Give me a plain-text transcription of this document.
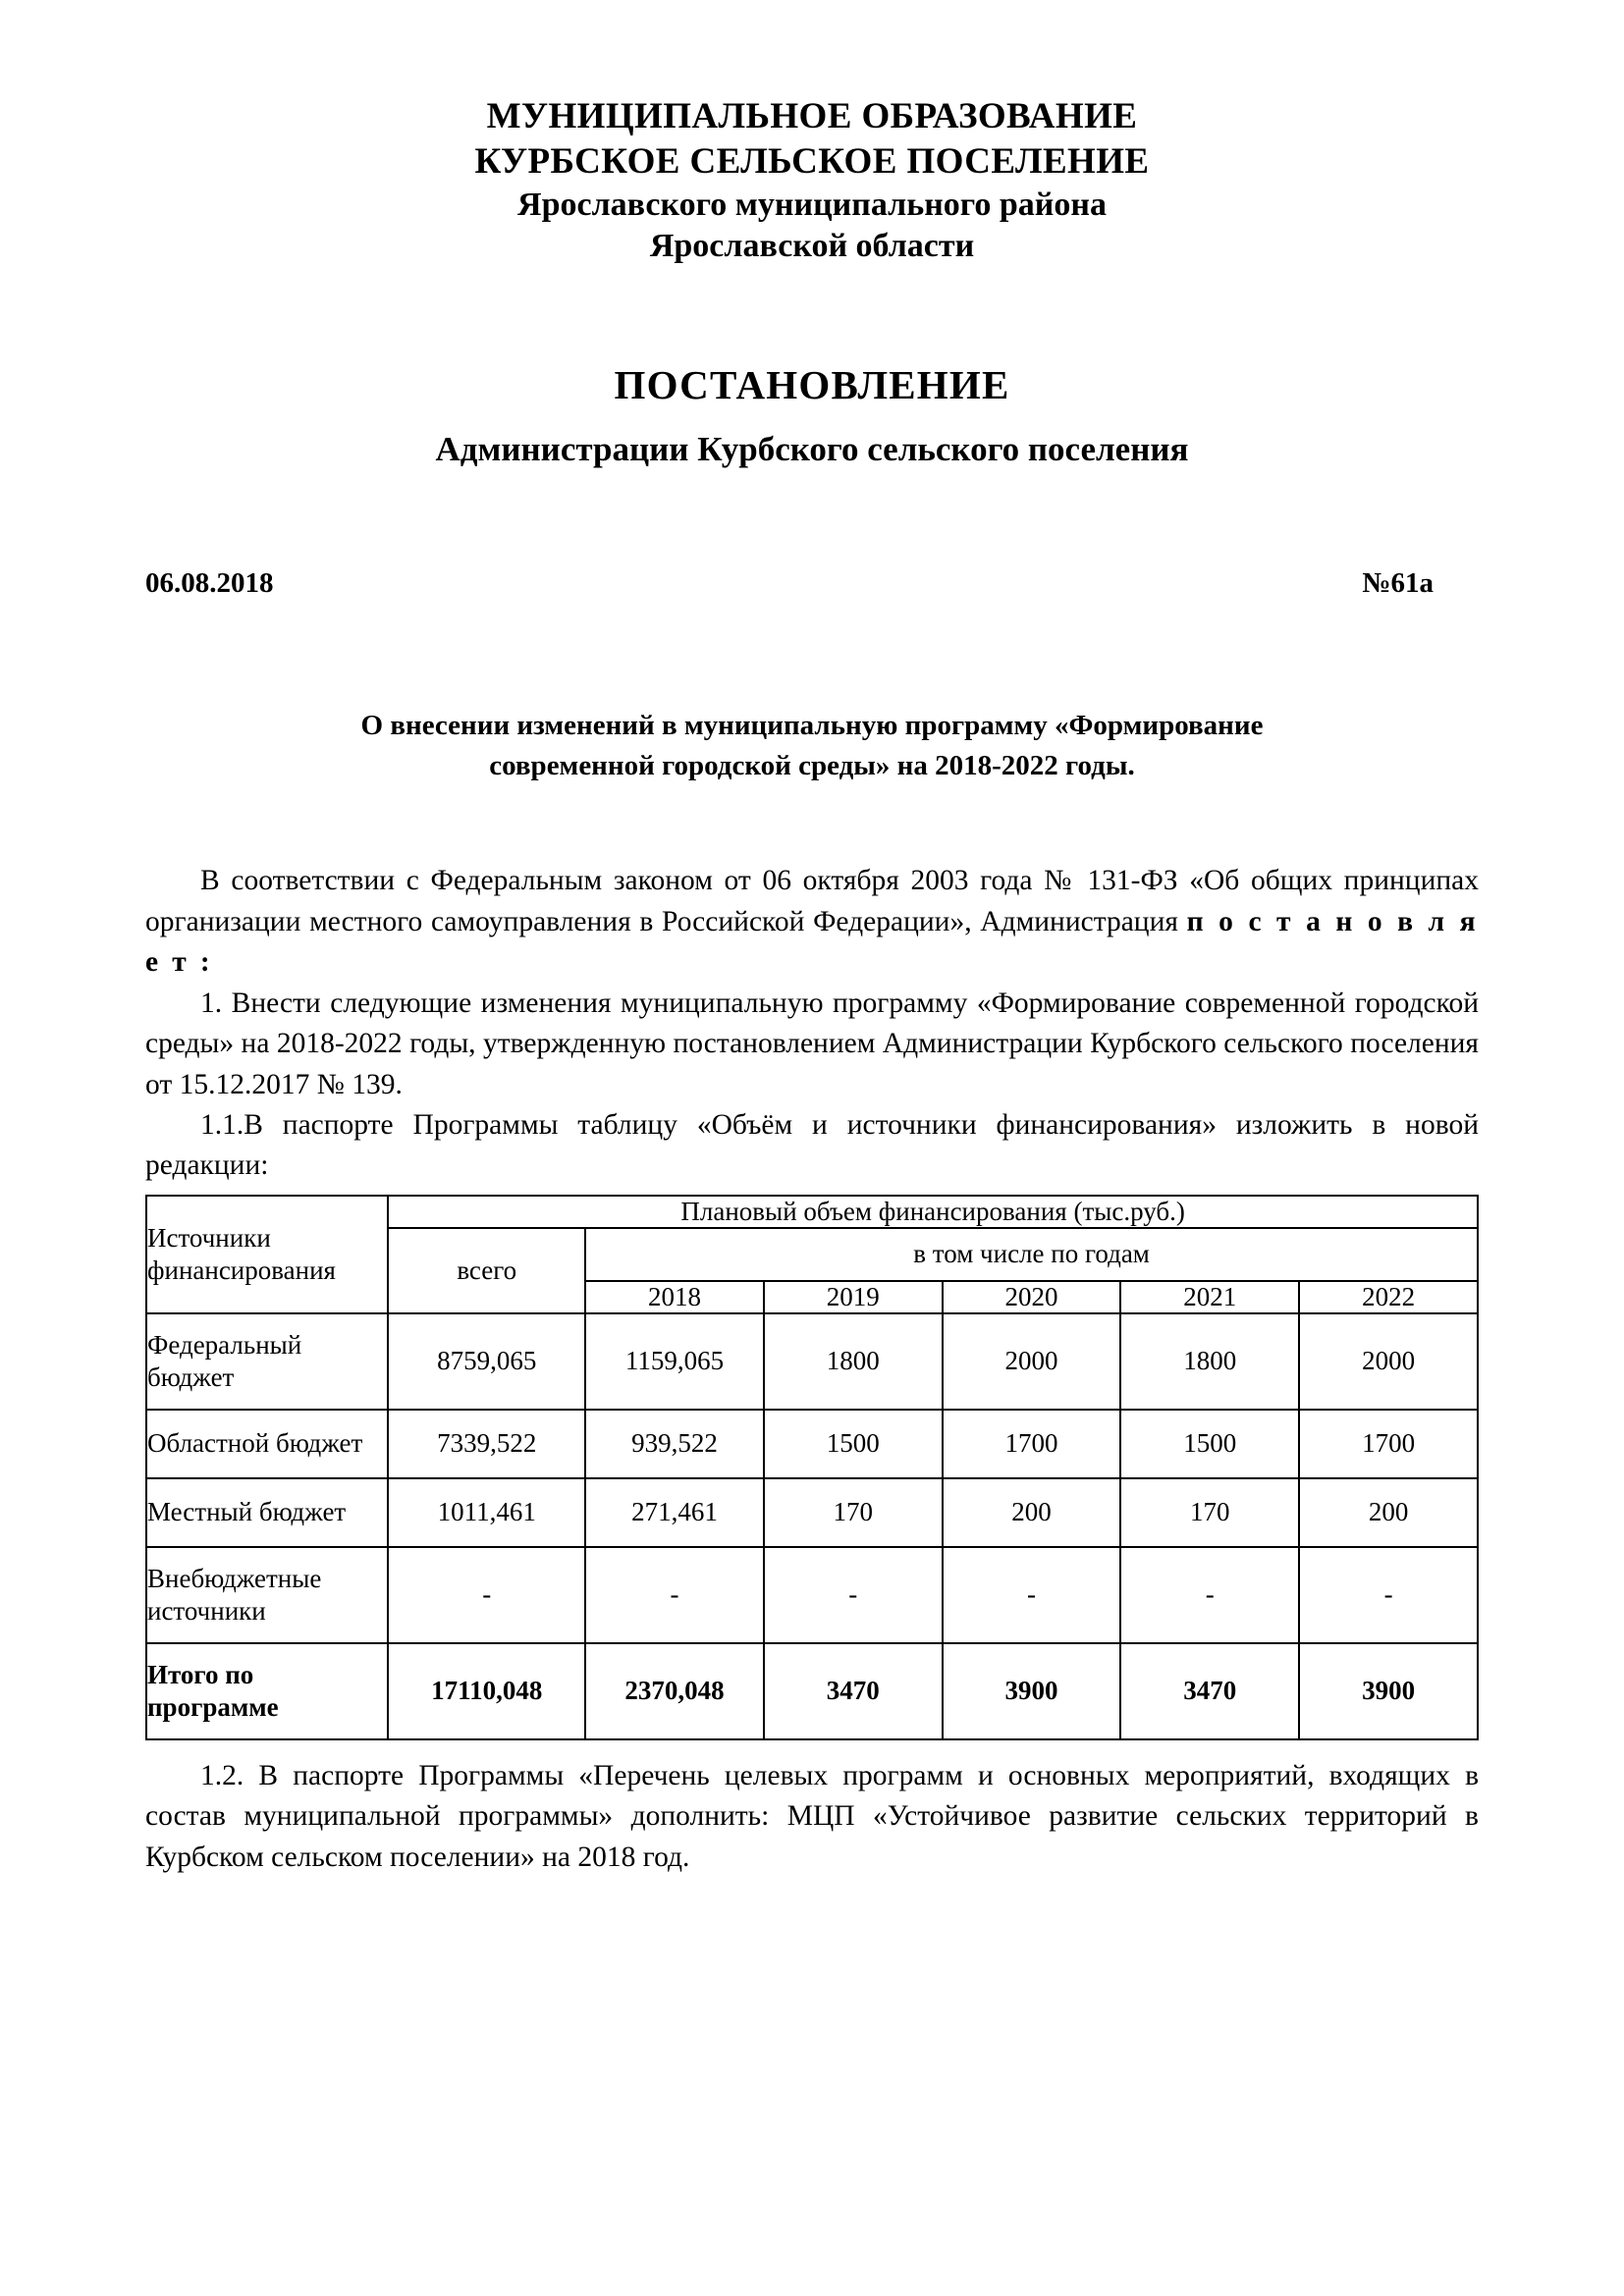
МУНИЦИПАЛЬНОЕ ОБРАЗОВАНИЕ
КУРБСКОЕ СЕЛЬСКОЕ ПОСЕЛЕНИЕ
Ярославского муниципального района
Ярославской области
ПОСТАНОВЛЕНИЕ
Администрации Курбского сельского поселения
06.08.2018	№61а
О внесении изменений в муниципальную программу «Формирование
современной городской среды» на 2018-2022 годы.

В соответствии с Федеральным законом от 06 октября 2003 года № 131-ФЗ «Об общих принципах организации местного самоуправления в Российской Федерации», Администрация п о с т а н о в л я е т :

1. Внести следующие изменения муниципальную программу «Формирование современной городской среды» на 2018-2022 годы, утвержденную постановлением Администрации Курбского сельского поселения от 15.12.2017 № 139.

1.1.В паспорте Программы таблицу «Объём и источники финансирования» изложить в новой редакции:

Источники финансирования	Плановый объем финансирования (тыс.руб.)					
	всего	в том числе по годам				
		2018	2019	2020	2021	2022
Федеральный бюджет	8759,065	1159,065	1800	2000	1800	2000
Областной бюджет	7339,522	939,522	1500	1700	1500	1700
Местный бюджет	1011,461	271,461	170	200	170	200
Внебюджетные источники	-	-	-	-	-	-
Итого по программе	17110,048	2370,048	3470	3900	3470	3900

1.2. В паспорте Программы «Перечень целевых программ и основных мероприятий, входящих в состав муниципальной программы» дополнить: МЦП «Устойчивое развитие сельских территорий в Курбском сельском поселении» на 2018 год.
